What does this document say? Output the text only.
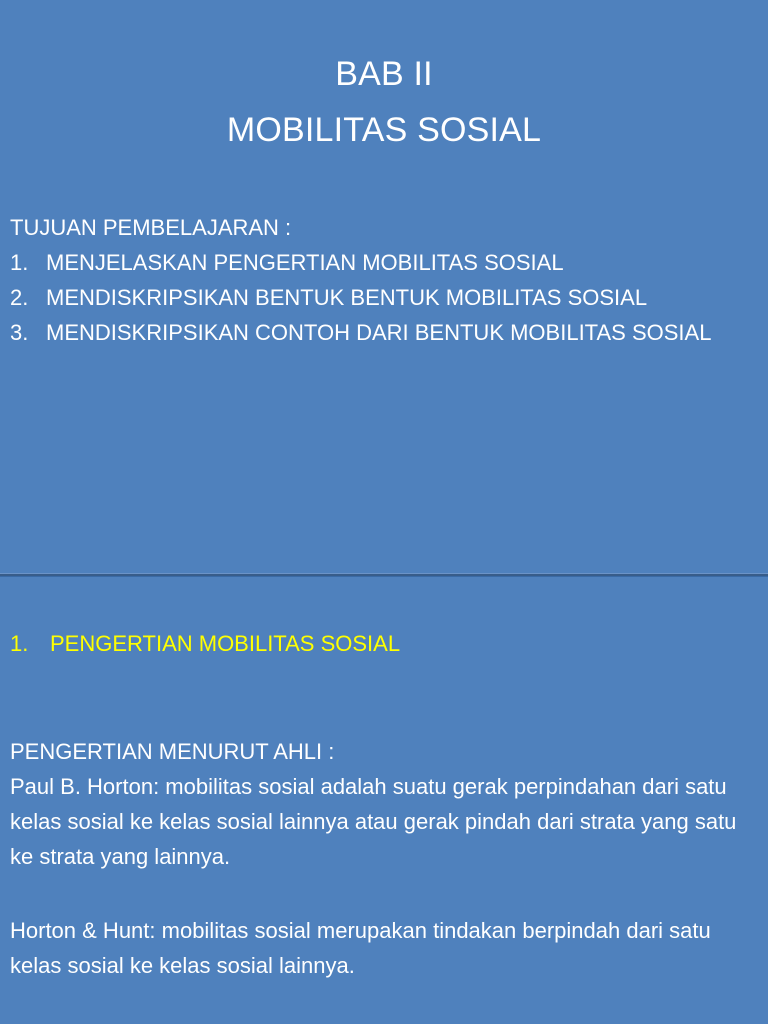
BAB II
MOBILITAS SOSIAL
TUJUAN PEMBELAJARAN :
1. MENJELASKAN PENGERTIAN MOBILITAS SOSIAL
2. MENDISKRIPSIKAN BENTUK BENTUK MOBILITAS SOSIAL
3. MENDISKRIPSIKAN CONTOH DARI BENTUK MOBILITAS SOSIAL
1. PENGERTIAN MOBILITAS SOSIAL
PENGERTIAN MENURUT AHLI :

Paul B. Horton: mobilitas sosial adalah suatu gerak perpindahan dari satu kelas sosial ke kelas sosial lainnya atau gerak pindah dari strata yang satu ke strata yang lainnya.

Horton & Hunt: mobilitas sosial merupakan tindakan berpindah dari satu kelas sosial ke kelas sosial lainnya.
